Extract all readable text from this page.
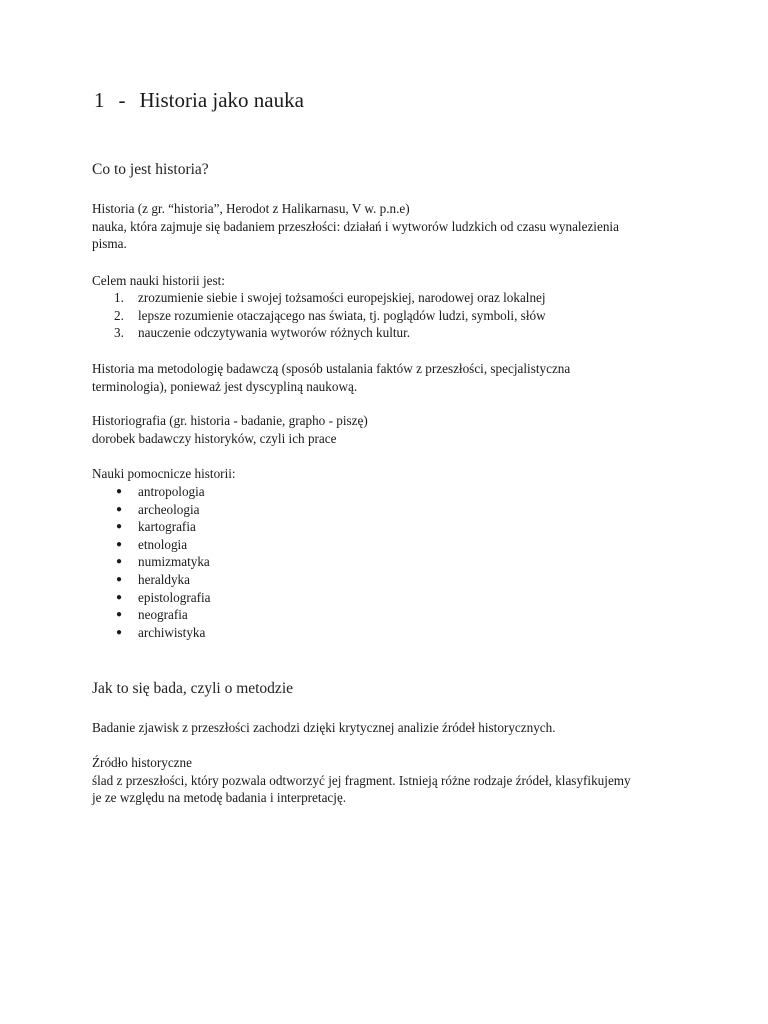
1 - Historia jako nauka
Co to jest historia?
Historia (z gr. “historia”, Herodot z Halikarnasu, V w. p.n.e)
nauka, która zajmuje się badaniem przeszłości: działań i wytworów ludzkich od czasu wynalezienia
pisma.
Celem nauki historii jest:
1. zrozumienie siebie i swojej tożsamości europejskiej, narodowej oraz lokalnej
2. lepsze rozumienie otaczającego nas świata, tj. poglądów ludzi, symboli, słów
3. nauczenie odczytywania wytworów różnych kultur.
Historia ma metodologię badawczą (sposób ustalania faktów z przeszłości, specjalistyczna
terminologia), ponieważ jest dyscypliną naukową.
Historiografia (gr. historia - badanie, grapho - piszę)
dorobek badawczy historyków, czyli ich prace
Nauki pomocnicze historii:
● antropologia
● archeologia
● kartografia
● etnologia
● numizmatyka
● heraldyka
● epistolografia
● neografia
● archiwistyka
Jak to się bada, czyli o metodzie
Badanie zjawisk z przeszłości zachodzi dzięki krytycznej analizie źródeł historycznych.
Źródło historyczne
ślad z przeszłości, który pozwala odtworzyć jej fragment. Istnieją różne rodzaje źródeł, klasyfikujemy
je ze względu na metodę badania i interpretację.
